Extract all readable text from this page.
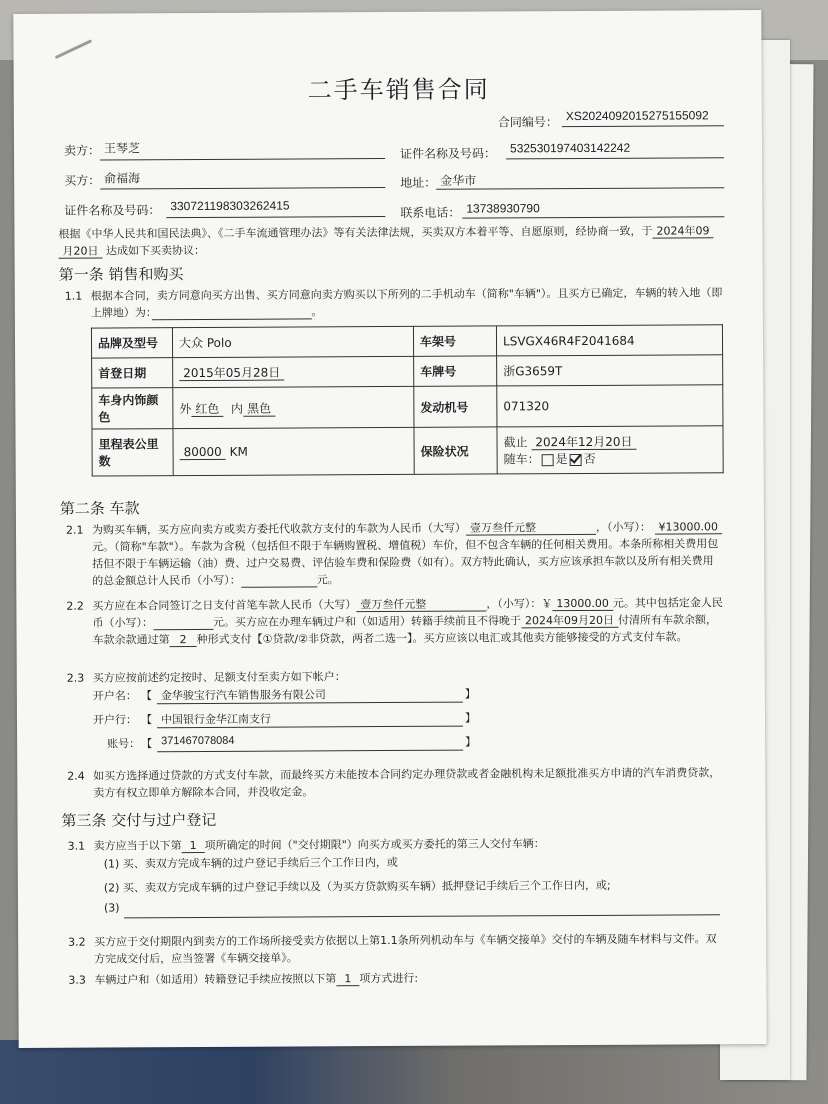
二手车销售合同
合同编号： XS2024092015275155092
卖方： 王琴芝	证件名称及号码： 532530197403142242
买方： 俞福海	地址： 金华市
证件名称及号码： 330721198303262415	联系电话： 13738930790
根据《中华人民共和国民法典》、《二手车流通管理办法》等有关法律法规，买卖双方本着平等、自愿原则，经协商一致，于 2024年09
月20日 达成如下买卖协议：
第一条 销售和购买
1.1 根据本合同，卖方同意向买方出售、买方同意向卖方购买以下所列的二手机动车（简称"车辆"）。且买方已确定，车辆的转入地（即上牌地）为：	。
品牌及型号	大众 Polo	车架号	LSVGX46R4F2041684
首登日期	2015年05月28日	车牌号	浙G3659T
车身内饰颜色	外 红色 内 黑色	发动机号	071320
里程表公里数	80000 KM	保险状况	截止 2024年12月20日
随车： 是 否
第二条 车款
2.1 为购买车辆，买方应向卖方或卖方委托代收款方支付的车款为人民币（大写） 壹万叁仟元整	，（小写）： ¥13000.00元。（简称"车款"）。车款为含税（包括但不限于车辆购置税、增值税）车价，但不包含车辆的任何相关费用。本条所称相关费用包括但不限于车辆运输（油）费、过户交易费、评估验车费和保险费（如有）。双方特此确认，买方应该承担车款以及所有相关费用的总金额总计人民币（小写）：	元。
2.2 买方应在本合同签订之日支付首笔车款人民币（大写） 壹万叁仟元整	，（小写）：￥ 13000.00 元。其中包括定金人民币（小写）：	元。买方应在办理车辆过户和（如适用）转籍手续前且不得晚于 2024年09月20日 付清所有车款余额，车款余款通过第 2 种形式支付【①贷款/②非贷款，两者二选一】。买方应该以电汇或其他卖方能够接受的方式支付车款。
2.3 买方应按前述约定按时、足额支付至卖方如下帐户：
开户名： 【 金华骏宝行汽车销售服务有限公司	】
开户行： 【 中国银行金华江南支行	】
账号： 【 371467078084	】
2.4 如买方选择通过贷款的方式支付车款，而最终买方未能按本合同约定办理贷款或者金融机构未足额批准买方申请的汽车消费贷款，卖方有权立即单方解除本合同，并没收定金。
第三条 交付与过户登记
3.1 卖方应当于以下第 1 项所确定的时间（"交付期限"）向买方或买方委托的第三人交付车辆：
(1) 买、卖双方完成车辆的过户登记手续后三个工作日内，或
(2) 买、卖双方完成车辆的过户登记手续以及（为买方贷款购买车辆）抵押登记手续后三个工作日内，或;
(3)
3.2 买方应于交付期限内到卖方的工作场所接受卖方依据以上第1.1条所列机动车与《车辆交接单》交付的车辆及随车材料与文件。双方完成交付后，应当签署《车辆交接单》。
3.3 车辆过户和（如适用）转籍登记手续应按照以下第 1 项方式进行:
